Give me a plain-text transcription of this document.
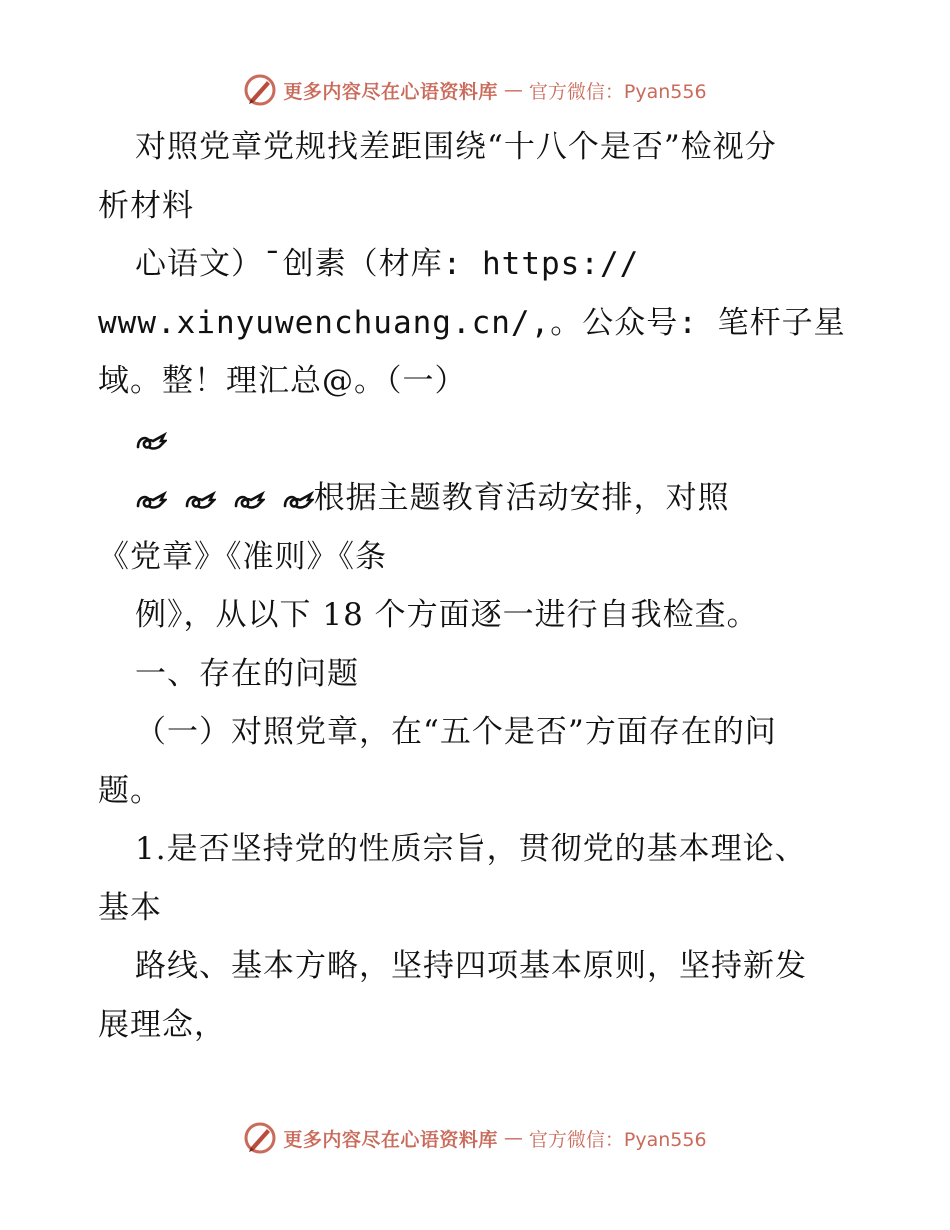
更多内容尽在心语资料库 — 官方微信：Pyan556
对照党章党规找差距围绕“十八个是否”检视分
析材料
心语文）¯创素（材库: https://
www.xinyuwenchuang.cn/,。公众号: 笔杆子星
域。整！理汇总@。（一）
根据主题教育活动安排，对照
《党章》《准则》《条
例》，从以下 18 个方面逐一进行自我检查。
一、存在的问题
（一）对照党章，在“五个是否”方面存在的问
题。
1.是否坚持党的性质宗旨，贯彻党的基本理论、
基本
路线、基本方略，坚持四项基本原则，坚持新发
展理念，
更多内容尽在心语资料库 — 官方微信：Pyan556
